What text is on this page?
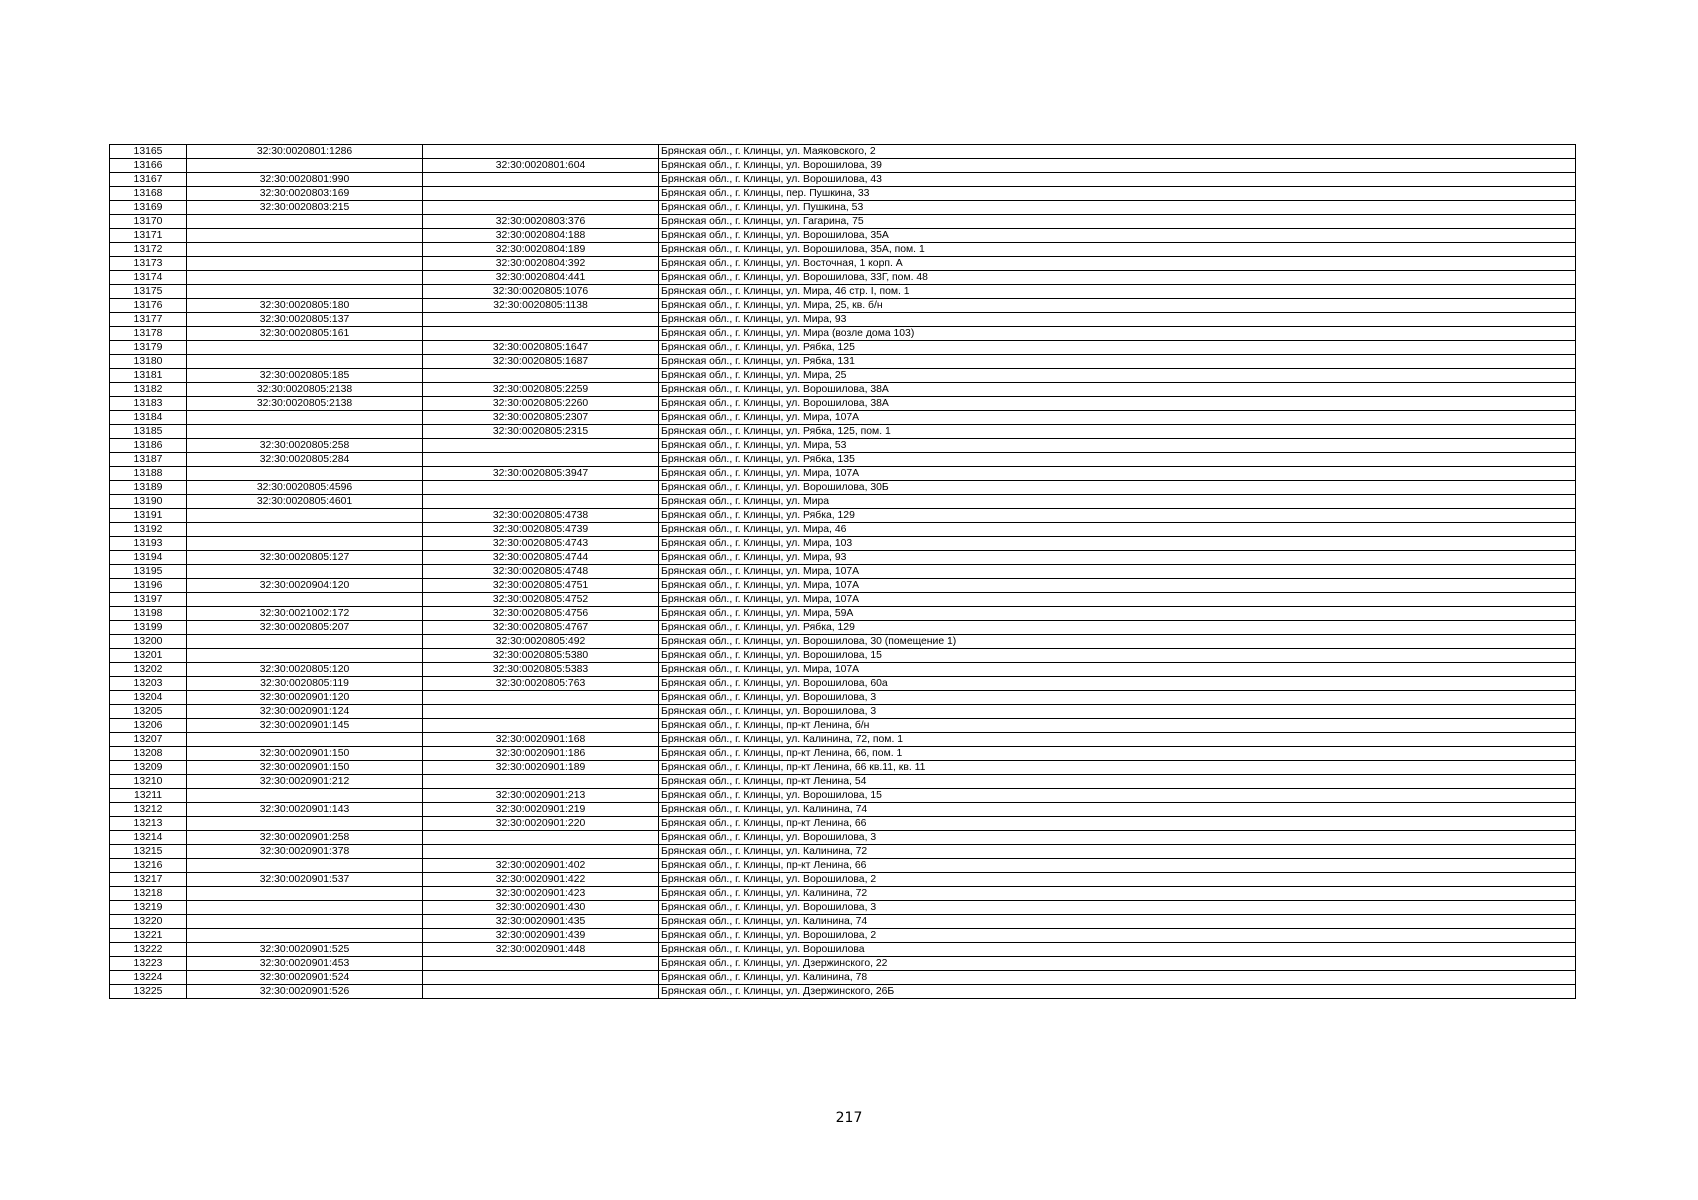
13165	32:30:0020801:1286		Брянская обл., г. Клинцы, ул. Маяковского, 2
13166		32:30:0020801:604	Брянская обл., г. Клинцы, ул. Ворошилова, 39
13167	32:30:0020801:990		Брянская обл., г. Клинцы, ул. Ворошилова, 43
13168	32:30:0020803:169		Брянская обл., г. Клинцы, пер. Пушкина, 33
13169	32:30:0020803:215		Брянская обл., г. Клинцы, ул. Пушкина, 53
13170		32:30:0020803:376	Брянская обл., г. Клинцы, ул. Гагарина, 75
13171		32:30:0020804:188	Брянская обл., г. Клинцы, ул. Ворошилова, 35А
13172		32:30:0020804:189	Брянская обл., г. Клинцы, ул. Ворошилова, 35А, пом. 1
13173		32:30:0020804:392	Брянская обл., г. Клинцы, ул. Восточная, 1 корп. А
13174		32:30:0020804:441	Брянская обл., г. Клинцы, ул. Ворошилова, 33Г, пом. 48
13175		32:30:0020805:1076	Брянская обл., г. Клинцы, ул. Мира, 46 стр. I, пом. 1
13176	32:30:0020805:180	32:30:0020805:1138	Брянская обл., г. Клинцы, ул. Мира, 25, кв. б/н
13177	32:30:0020805:137		Брянская обл., г. Клинцы, ул. Мира, 93
13178	32:30:0020805:161		Брянская обл., г. Клинцы, ул. Мира (возле дома 103)
13179		32:30:0020805:1647	Брянская обл., г. Клинцы, ул. Рябка, 125
13180		32:30:0020805:1687	Брянская обл., г. Клинцы, ул. Рябка, 131
13181	32:30:0020805:185		Брянская обл., г. Клинцы, ул. Мира, 25
13182	32:30:0020805:2138	32:30:0020805:2259	Брянская обл., г. Клинцы, ул. Ворошилова, 38А
13183	32:30:0020805:2138	32:30:0020805:2260	Брянская обл., г. Клинцы, ул. Ворошилова, 38А
13184		32:30:0020805:2307	Брянская обл., г. Клинцы, ул. Мира, 107А
13185		32:30:0020805:2315	Брянская обл., г. Клинцы, ул. Рябка, 125, пом. 1
13186	32:30:0020805:258		Брянская обл., г. Клинцы, ул. Мира, 53
13187	32:30:0020805:284		Брянская обл., г. Клинцы, ул. Рябка, 135
13188		32:30:0020805:3947	Брянская обл., г. Клинцы, ул. Мира, 107А
13189	32:30:0020805:4596		Брянская обл., г. Клинцы, ул. Ворошилова, 30Б
13190	32:30:0020805:4601		Брянская обл., г. Клинцы, ул. Мира
13191		32:30:0020805:4738	Брянская обл., г. Клинцы, ул. Рябка, 129
13192		32:30:0020805:4739	Брянская обл., г. Клинцы, ул. Мира, 46
13193		32:30:0020805:4743	Брянская обл., г. Клинцы, ул. Мира, 103
13194	32:30:0020805:127	32:30:0020805:4744	Брянская обл., г. Клинцы, ул. Мира, 93
13195		32:30:0020805:4748	Брянская обл., г. Клинцы, ул. Мира, 107А
13196	32:30:0020904:120	32:30:0020805:4751	Брянская обл., г. Клинцы, ул. Мира, 107А
13197		32:30:0020805:4752	Брянская обл., г. Клинцы, ул. Мира, 107А
13198	32:30:0021002:172	32:30:0020805:4756	Брянская обл., г. Клинцы, ул. Мира, 59А
13199	32:30:0020805:207	32:30:0020805:4767	Брянская обл., г. Клинцы, ул. Рябка, 129
13200		32:30:0020805:492	Брянская обл., г. Клинцы, ул. Ворошилова, 30 (помещение 1)
13201		32:30:0020805:5380	Брянская обл., г. Клинцы, ул. Ворошилова, 15
13202	32:30:0020805:120	32:30:0020805:5383	Брянская обл., г. Клинцы, ул. Мира, 107А
13203	32:30:0020805:119	32:30:0020805:763	Брянская обл., г. Клинцы, ул. Ворошилова, 60а
13204	32:30:0020901:120		Брянская обл., г. Клинцы, ул. Ворошилова, 3
13205	32:30:0020901:124		Брянская обл., г. Клинцы, ул. Ворошилова, 3
13206	32:30:0020901:145		Брянская обл., г. Клинцы, пр-кт Ленина, б/н
13207		32:30:0020901:168	Брянская обл., г. Клинцы, ул. Калинина, 72, пом. 1
13208	32:30:0020901:150	32:30:0020901:186	Брянская обл., г. Клинцы, пр-кт Ленина, 66, пом. 1
13209	32:30:0020901:150	32:30:0020901:189	Брянская обл., г. Клинцы, пр-кт Ленина, 66 кв.11, кв. 11
13210	32:30:0020901:212		Брянская обл., г. Клинцы, пр-кт Ленина, 54
13211		32:30:0020901:213	Брянская обл., г. Клинцы, ул. Ворошилова, 15
13212	32:30:0020901:143	32:30:0020901:219	Брянская обл., г. Клинцы, ул. Калинина, 74
13213		32:30:0020901:220	Брянская обл., г. Клинцы, пр-кт Ленина, 66
13214	32:30:0020901:258		Брянская обл., г. Клинцы, ул. Ворошилова, 3
13215	32:30:0020901:378		Брянская обл., г. Клинцы, ул. Калинина, 72
13216		32:30:0020901:402	Брянская обл., г. Клинцы, пр-кт Ленина, 66
13217	32:30:0020901:537	32:30:0020901:422	Брянская обл., г. Клинцы, ул. Ворошилова, 2
13218		32:30:0020901:423	Брянская обл., г. Клинцы, ул. Калинина, 72
13219		32:30:0020901:430	Брянская обл., г. Клинцы, ул. Ворошилова, 3
13220		32:30:0020901:435	Брянская обл., г. Клинцы, ул. Калинина, 74
13221		32:30:0020901:439	Брянская обл., г. Клинцы, ул. Ворошилова, 2
13222	32:30:0020901:525	32:30:0020901:448	Брянская обл., г. Клинцы, ул. Ворошилова
13223	32:30:0020901:453		Брянская обл., г. Клинцы, ул. Дзержинского, 22
13224	32:30:0020901:524		Брянская обл., г. Клинцы, ул. Калинина, 78
13225	32:30:0020901:526		Брянская обл., г. Клинцы, ул. Дзержинского, 26Б
217
